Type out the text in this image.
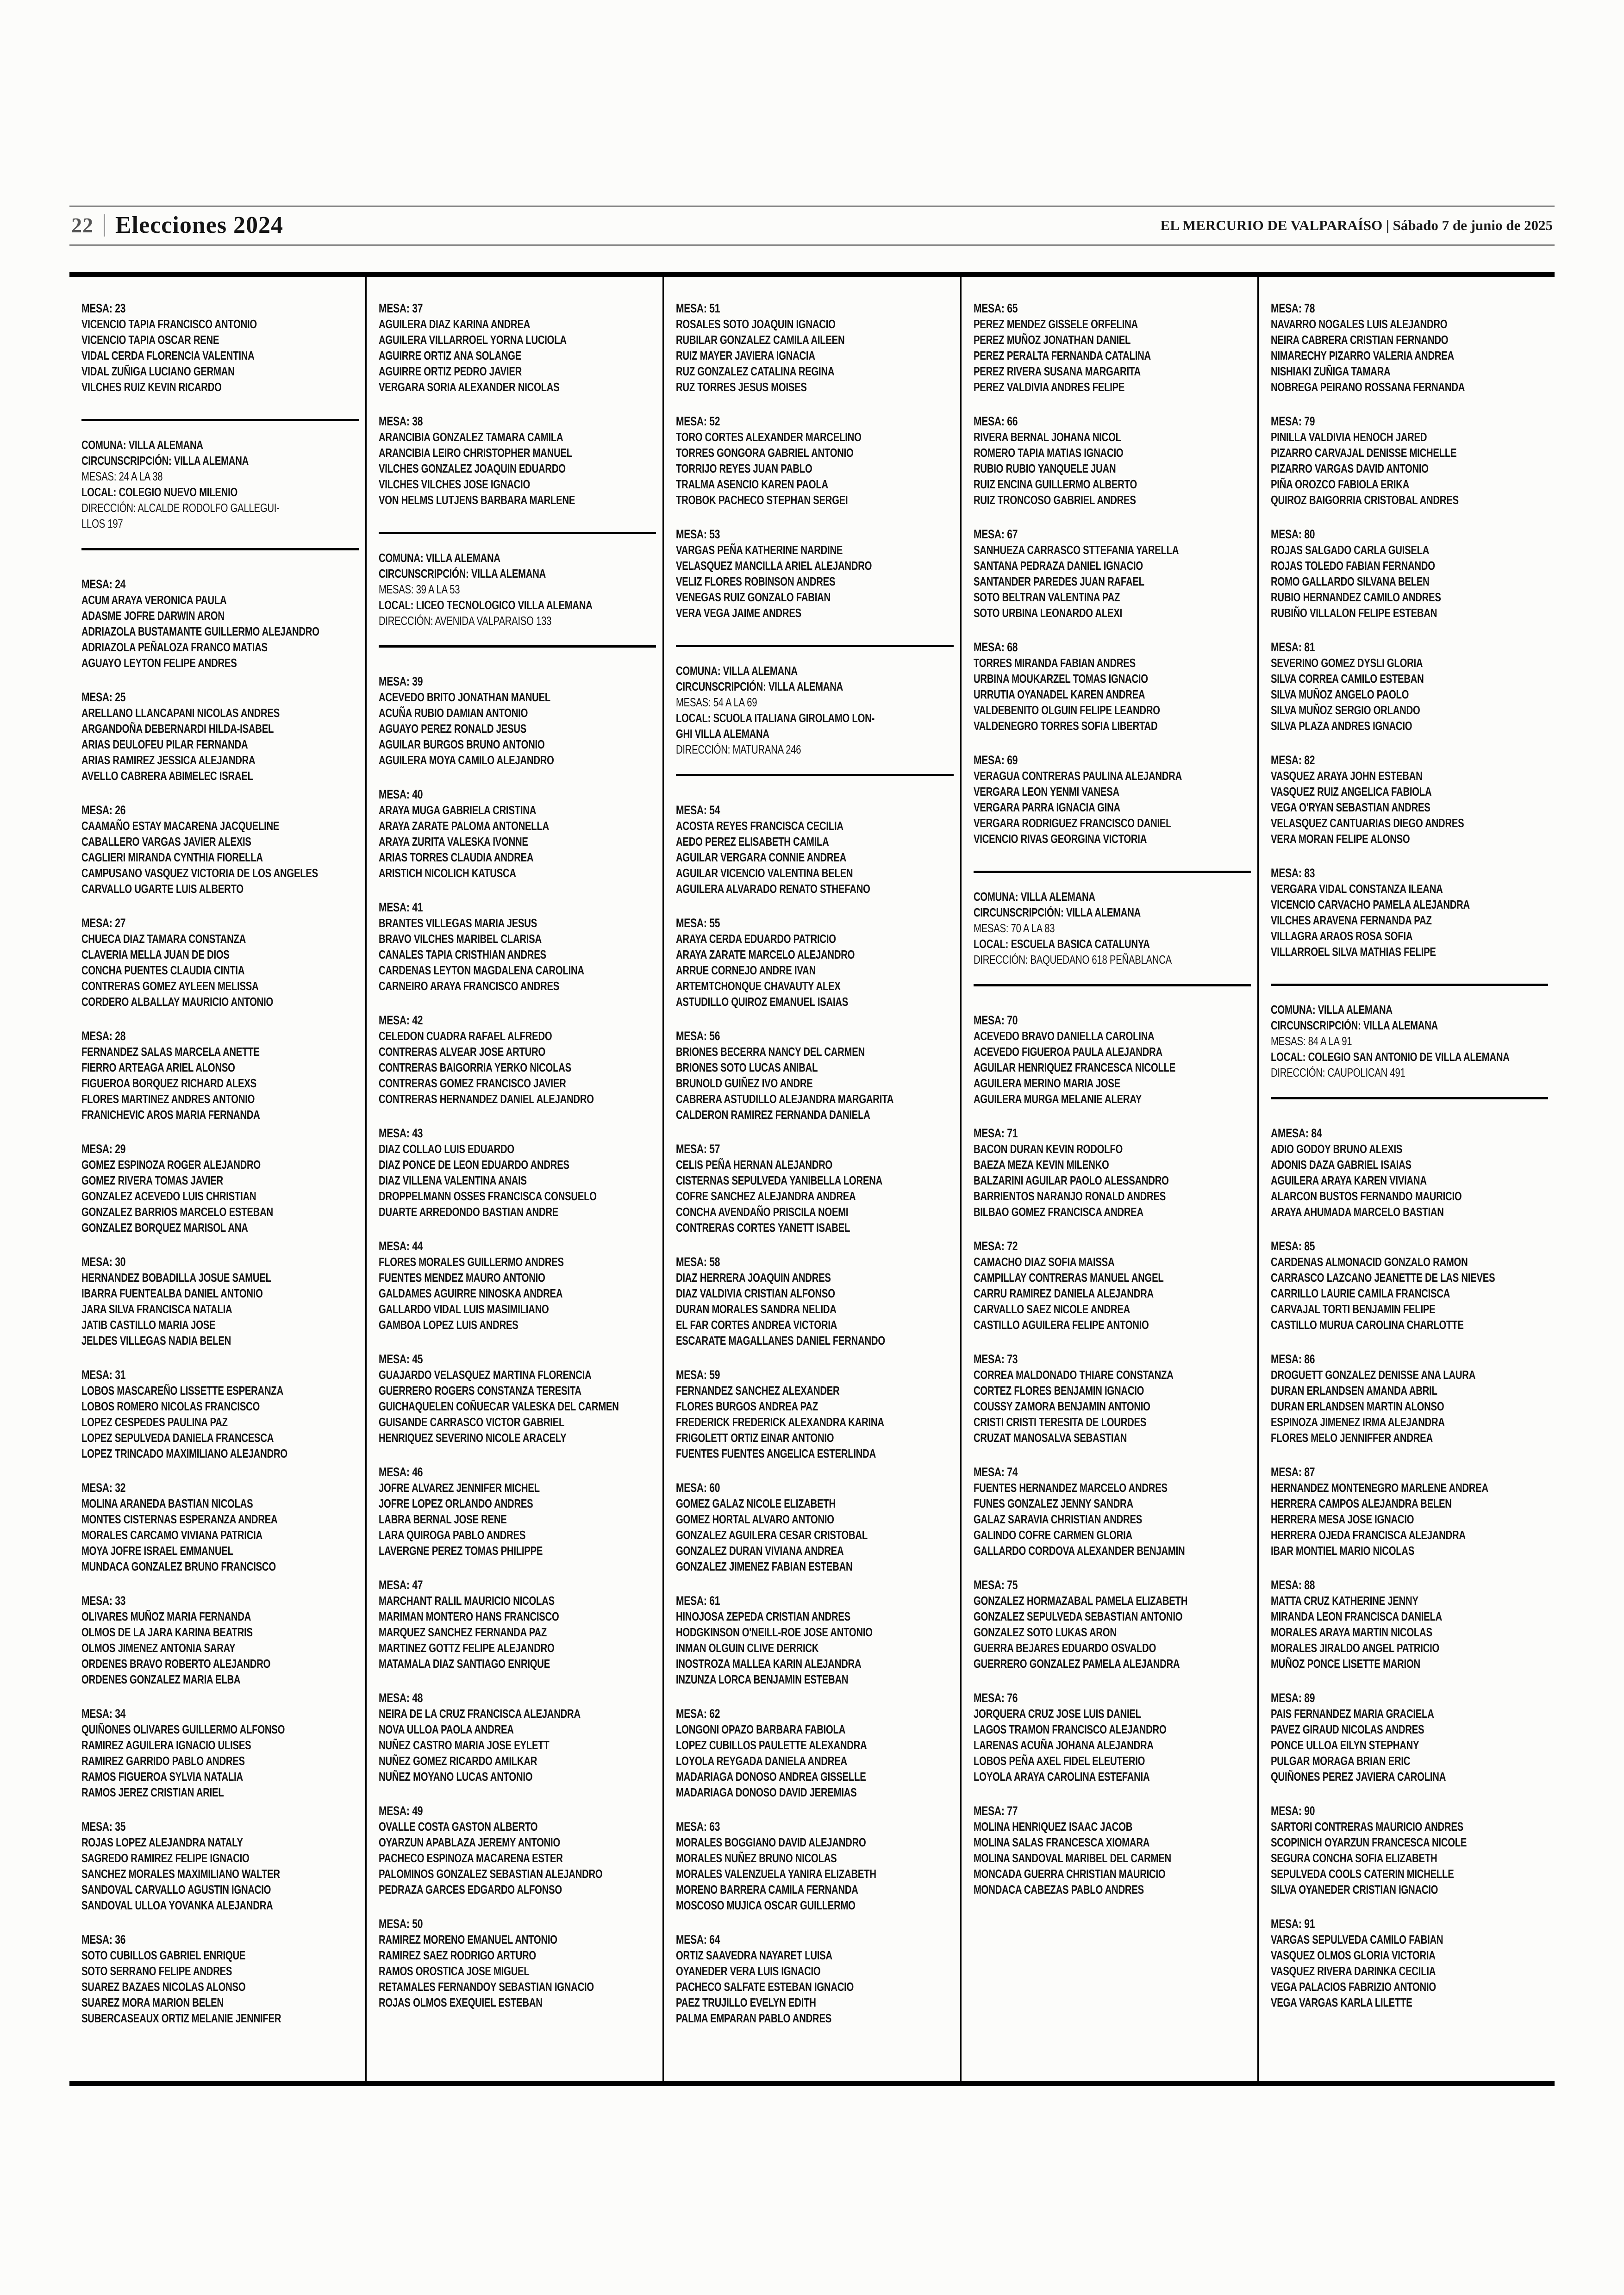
22 Elecciones 2024	EL MERCURIO DE VALPARAÍSO | Sábado 7 de junio de 2025
MESA: 23
VICENCIO TAPIA FRANCISCO ANTONIO
VICENCIO TAPIA OSCAR RENE
VIDAL CERDA FLORENCIA VALENTINA
VIDAL ZUÑIGA LUCIANO GERMAN
VILCHES RUIZ KEVIN RICARDO
COMUNA: VILLA ALEMANA
CIRCUNSCRIPCIÓN: VILLA ALEMANA
MESAS: 24 A LA 38
LOCAL: COLEGIO NUEVO MILENIO
DIRECCIÓN: ALCALDE RODOLFO GALLEGUI-
LLOS 197
MESA: 24
ACUM ARAYA VERONICA PAULA
ADASME JOFRE DARWIN ARON
ADRIAZOLA BUSTAMANTE GUILLERMO ALEJANDRO
ADRIAZOLA PEÑALOZA FRANCO MATIAS
AGUAYO LEYTON FELIPE ANDRES
MESA: 25
ARELLANO LLANCAPANI NICOLAS ANDRES
ARGANDOÑA DEBERNARDI HILDA-ISABEL
ARIAS DEULOFEU PILAR FERNANDA
ARIAS RAMIREZ JESSICA ALEJANDRA
AVELLO CABRERA ABIMELEC ISRAEL
MESA: 26
CAAMAÑO ESTAY MACARENA JACQUELINE
CABALLERO VARGAS JAVIER ALEXIS
CAGLIERI MIRANDA CYNTHIA FIORELLA
CAMPUSANO VASQUEZ VICTORIA DE LOS ANGELES
CARVALLO UGARTE LUIS ALBERTO
MESA: 27
CHUECA DIAZ TAMARA CONSTANZA
CLAVERIA MELLA JUAN DE DIOS
CONCHA PUENTES CLAUDIA CINTIA
CONTRERAS GOMEZ AYLEEN MELISSA
CORDERO ALBALLAY MAURICIO ANTONIO
MESA: 28
FERNANDEZ SALAS MARCELA ANETTE
FIERRO ARTEAGA ARIEL ALONSO
FIGUEROA BORQUEZ RICHARD ALEXS
FLORES MARTINEZ ANDRES ANTONIO
FRANICHEVIC AROS MARIA FERNANDA
MESA: 29
GOMEZ ESPINOZA ROGER ALEJANDRO
GOMEZ RIVERA TOMAS JAVIER
GONZALEZ ACEVEDO LUIS CHRISTIAN
GONZALEZ BARRIOS MARCELO ESTEBAN
GONZALEZ BORQUEZ MARISOL ANA
MESA: 30
HERNANDEZ BOBADILLA JOSUE SAMUEL
IBARRA FUENTEALBA DANIEL ANTONIO
JARA SILVA FRANCISCA NATALIA
JATIB CASTILLO MARIA JOSE
JELDES VILLEGAS NADIA BELEN
MESA: 31
LOBOS MASCAREÑO LISSETTE ESPERANZA
LOBOS ROMERO NICOLAS FRANCISCO
LOPEZ CESPEDES PAULINA PAZ
LOPEZ SEPULVEDA DANIELA FRANCESCA
LOPEZ TRINCADO MAXIMILIANO ALEJANDRO
MESA: 32
MOLINA ARANEDA BASTIAN NICOLAS
MONTES CISTERNAS ESPERANZA ANDREA
MORALES CARCAMO VIVIANA PATRICIA
MOYA JOFRE ISRAEL EMMANUEL
MUNDACA GONZALEZ BRUNO FRANCISCO
MESA: 33
OLIVARES MUÑOZ MARIA FERNANDA
OLMOS DE LA JARA KARINA BEATRIS
OLMOS JIMENEZ ANTONIA SARAY
ORDENES BRAVO ROBERTO ALEJANDRO
ORDENES GONZALEZ MARIA ELBA
MESA: 34
QUIÑONES OLIVARES GUILLERMO ALFONSO
RAMIREZ AGUILERA IGNACIO ULISES
RAMIREZ GARRIDO PABLO ANDRES
RAMOS FIGUEROA SYLVIA NATALIA
RAMOS JEREZ CRISTIAN ARIEL
MESA: 35
ROJAS LOPEZ ALEJANDRA NATALY
SAGREDO RAMIREZ FELIPE IGNACIO
SANCHEZ MORALES MAXIMILIANO WALTER
SANDOVAL CARVALLO AGUSTIN IGNACIO
SANDOVAL ULLOA YOVANKA ALEJANDRA
MESA: 36
SOTO CUBILLOS GABRIEL ENRIQUE
SOTO SERRANO FELIPE ANDRES
SUAREZ BAZAES NICOLAS ALONSO
SUAREZ MORA MARION BELEN
SUBERCASEAUX ORTIZ MELANIE JENNIFER
MESA: 37
AGUILERA DIAZ KARINA ANDREA
AGUILERA VILLARROEL YORNA LUCIOLA
AGUIRRE ORTIZ ANA SOLANGE
AGUIRRE ORTIZ PEDRO JAVIER
VERGARA SORIA ALEXANDER NICOLAS
MESA: 38
ARANCIBIA GONZALEZ TAMARA CAMILA
ARANCIBIA LEIRO CHRISTOPHER MANUEL
VILCHES GONZALEZ JOAQUIN EDUARDO
VILCHES VILCHES JOSE IGNACIO
VON HELMS LUTJENS BARBARA MARLENE
COMUNA: VILLA ALEMANA
CIRCUNSCRIPCIÓN: VILLA ALEMANA
MESAS: 39 A LA 53
LOCAL: LICEO TECNOLOGICO VILLA ALEMANA
DIRECCIÓN: AVENIDA VALPARAISO 133
MESA: 39
ACEVEDO BRITO JONATHAN MANUEL
ACUÑA RUBIO DAMIAN ANTONIO
AGUAYO PEREZ RONALD JESUS
AGUILAR BURGOS BRUNO ANTONIO
AGUILERA MOYA CAMILO ALEJANDRO
MESA: 40
ARAYA MUGA GABRIELA CRISTINA
ARAYA ZARATE PALOMA ANTONELLA
ARAYA ZURITA VALESKA IVONNE
ARIAS TORRES CLAUDIA ANDREA
ARISTICH NICOLICH KATUSCA
MESA: 41
BRANTES VILLEGAS MARIA JESUS
BRAVO VILCHES MARIBEL CLARISA
CANALES TAPIA CRISTHIAN ANDRES
CARDENAS LEYTON MAGDALENA CAROLINA
CARNEIRO ARAYA FRANCISCO ANDRES
MESA: 42
CELEDON CUADRA RAFAEL ALFREDO
CONTRERAS ALVEAR JOSE ARTURO
CONTRERAS BAIGORRIA YERKO NICOLAS
CONTRERAS GOMEZ FRANCISCO JAVIER
CONTRERAS HERNANDEZ DANIEL ALEJANDRO
MESA: 43
DIAZ COLLAO LUIS EDUARDO
DIAZ PONCE DE LEON EDUARDO ANDRES
DIAZ VILLENA VALENTINA ANAIS
DROPPELMANN OSSES FRANCISCA CONSUELO
DUARTE ARREDONDO BASTIAN ANDRE
MESA: 44
FLORES MORALES GUILLERMO ANDRES
FUENTES MENDEZ MAURO ANTONIO
GALDAMES AGUIRRE NINOSKA ANDREA
GALLARDO VIDAL LUIS MASIMILIANO
GAMBOA LOPEZ LUIS ANDRES
MESA: 45
GUAJARDO VELASQUEZ MARTINA FLORENCIA
GUERRERO ROGERS CONSTANZA TERESITA
GUICHAQUELEN COÑUECAR VALESKA DEL CARMEN
GUISANDE CARRASCO VICTOR GABRIEL
HENRIQUEZ SEVERINO NICOLE ARACELY
MESA: 46
JOFRE ALVAREZ JENNIFER MICHEL
JOFRE LOPEZ ORLANDO ANDRES
LABRA BERNAL JOSE RENE
LARA QUIROGA PABLO ANDRES
LAVERGNE PEREZ TOMAS PHILIPPE
MESA: 47
MARCHANT RALIL MAURICIO NICOLAS
MARIMAN MONTERO HANS FRANCISCO
MARQUEZ SANCHEZ FERNANDA PAZ
MARTINEZ GOTTZ FELIPE ALEJANDRO
MATAMALA DIAZ SANTIAGO ENRIQUE
MESA: 48
NEIRA DE LA CRUZ FRANCISCA ALEJANDRA
NOVA ULLOA PAOLA ANDREA
NUÑEZ CASTRO MARIA JOSE EYLETT
NUÑEZ GOMEZ RICARDO AMILKAR
NUÑEZ MOYANO LUCAS ANTONIO
MESA: 49
OVALLE COSTA GASTON ALBERTO
OYARZUN APABLAZA JEREMY ANTONIO
PACHECO ESPINOZA MACARENA ESTER
PALOMINOS GONZALEZ SEBASTIAN ALEJANDRO
PEDRAZA GARCES EDGARDO ALFONSO
MESA: 50
RAMIREZ MORENO EMANUEL ANTONIO
RAMIREZ SAEZ RODRIGO ARTURO
RAMOS OROSTICA JOSE MIGUEL
RETAMALES FERNANDOY SEBASTIAN IGNACIO
ROJAS OLMOS EXEQUIEL ESTEBAN
MESA: 51
ROSALES SOTO JOAQUIN IGNACIO
RUBILAR GONZALEZ CAMILA AILEEN
RUIZ MAYER JAVIERA IGNACIA
RUZ GONZALEZ CATALINA REGINA
RUZ TORRES JESUS MOISES
MESA: 52
TORO CORTES ALEXANDER MARCELINO
TORRES GONGORA GABRIEL ANTONIO
TORRIJO REYES JUAN PABLO
TRALMA ASENCIO KAREN PAOLA
TROBOK PACHECO STEPHAN SERGEI
MESA: 53
VARGAS PEÑA KATHERINE NARDINE
VELASQUEZ MANCILLA ARIEL ALEJANDRO
VELIZ FLORES ROBINSON ANDRES
VENEGAS RUIZ GONZALO FABIAN
VERA VEGA JAIME ANDRES
COMUNA: VILLA ALEMANA
CIRCUNSCRIPCIÓN: VILLA ALEMANA
MESAS: 54 A LA 69
LOCAL: SCUOLA ITALIANA GIROLAMO LON-
GHI VILLA ALEMANA
DIRECCIÓN: MATURANA 246
MESA: 54
ACOSTA REYES FRANCISCA CECILIA
AEDO PEREZ ELISABETH CAMILA
AGUILAR VERGARA CONNIE ANDREA
AGUILAR VICENCIO VALENTINA BELEN
AGUILERA ALVARADO RENATO STHEFANO
MESA: 55
ARAYA CERDA EDUARDO PATRICIO
ARAYA ZARATE MARCELO ALEJANDRO
ARRUE CORNEJO ANDRE IVAN
ARTEMTCHONQUE CHAVAUTY ALEX
ASTUDILLO QUIROZ EMANUEL ISAIAS
MESA: 56
BRIONES BECERRA NANCY DEL CARMEN
BRIONES SOTO LUCAS ANIBAL
BRUNOLD GUIÑEZ IVO ANDRE
CABRERA ASTUDILLO ALEJANDRA MARGARITA
CALDERON RAMIREZ FERNANDA DANIELA
MESA: 57
CELIS PEÑA HERNAN ALEJANDRO
CISTERNAS SEPULVEDA YANIBELLA LORENA
COFRE SANCHEZ ALEJANDRA ANDREA
CONCHA AVENDAÑO PRISCILA NOEMI
CONTRERAS CORTES YANETT ISABEL
MESA: 58
DIAZ HERRERA JOAQUIN ANDRES
DIAZ VALDIVIA CRISTIAN ALFONSO
DURAN MORALES SANDRA NELIDA
EL FAR CORTES ANDREA VICTORIA
ESCARATE MAGALLANES DANIEL FERNANDO
MESA: 59
FERNANDEZ SANCHEZ ALEXANDER
FLORES BURGOS ANDREA PAZ
FREDERICK FREDERICK ALEXANDRA KARINA
FRIGOLETT ORTIZ EINAR ANTONIO
FUENTES FUENTES ANGELICA ESTERLINDA
MESA: 60
GOMEZ GALAZ NICOLE ELIZABETH
GOMEZ HORTAL ALVARO ANTONIO
GONZALEZ AGUILERA CESAR CRISTOBAL
GONZALEZ DURAN VIVIANA ANDREA
GONZALEZ JIMENEZ FABIAN ESTEBAN
MESA: 61
HINOJOSA ZEPEDA CRISTIAN ANDRES
HODGKINSON O'NEILL-ROE JOSE ANTONIO
INMAN OLGUIN CLIVE DERRICK
INOSTROZA MALLEA KARIN ALEJANDRA
INZUNZA LORCA BENJAMIN ESTEBAN
MESA: 62
LONGONI OPAZO BARBARA FABIOLA
LOPEZ CUBILLOS PAULETTE ALEXANDRA
LOYOLA REYGADA DANIELA ANDREA
MADARIAGA DONOSO ANDREA GISSELLE
MADARIAGA DONOSO DAVID JEREMIAS
MESA: 63
MORALES BOGGIANO DAVID ALEJANDRO
MORALES NUÑEZ BRUNO NICOLAS
MORALES VALENZUELA YANIRA ELIZABETH
MORENO BARRERA CAMILA FERNANDA
MOSCOSO MUJICA OSCAR GUILLERMO
MESA: 64
ORTIZ SAAVEDRA NAYARET LUISA
OYANEDER VERA LUIS IGNACIO
PACHECO SALFATE ESTEBAN IGNACIO
PAEZ TRUJILLO EVELYN EDITH
PALMA EMPARAN PABLO ANDRES
MESA: 65
PEREZ MENDEZ GISSELE ORFELINA
PEREZ MUÑOZ JONATHAN DANIEL
PEREZ PERALTA FERNANDA CATALINA
PEREZ RIVERA SUSANA MARGARITA
PEREZ VALDIVIA ANDRES FELIPE
MESA: 66
RIVERA BERNAL JOHANA NICOL
ROMERO TAPIA MATIAS IGNACIO
RUBIO RUBIO YANQUELE JUAN
RUIZ ENCINA GUILLERMO ALBERTO
RUIZ TRONCOSO GABRIEL ANDRES
MESA: 67
SANHUEZA CARRASCO STTEFANIA YARELLA
SANTANA PEDRAZA DANIEL IGNACIO
SANTANDER PAREDES JUAN RAFAEL
SOTO BELTRAN VALENTINA PAZ
SOTO URBINA LEONARDO ALEXI
MESA: 68
TORRES MIRANDA FABIAN ANDRES
URBINA MOUKARZEL TOMAS IGNACIO
URRUTIA OYANADEL KAREN ANDREA
VALDEBENITO OLGUIN FELIPE LEANDRO
VALDENEGRO TORRES SOFIA LIBERTAD
MESA: 69
VERAGUA CONTRERAS PAULINA ALEJANDRA
VERGARA LEON YENMI VANESA
VERGARA PARRA IGNACIA GINA
VERGARA RODRIGUEZ FRANCISCO DANIEL
VICENCIO RIVAS GEORGINA VICTORIA
COMUNA: VILLA ALEMANA
CIRCUNSCRIPCIÓN: VILLA ALEMANA
MESAS: 70 A LA 83
LOCAL: ESCUELA BASICA CATALUNYA
DIRECCIÓN: BAQUEDANO 618 PEÑABLANCA
MESA: 70
ACEVEDO BRAVO DANIELLA CAROLINA
ACEVEDO FIGUEROA PAULA ALEJANDRA
AGUILAR HENRIQUEZ FRANCESCA NICOLLE
AGUILERA MERINO MARIA JOSE
AGUILERA MURGA MELANIE ALERAY
MESA: 71
BACON DURAN KEVIN RODOLFO
BAEZA MEZA KEVIN MILENKO
BALZARINI AGUILAR PAOLO ALESSANDRO
BARRIENTOS NARANJO RONALD ANDRES
BILBAO GOMEZ FRANCISCA ANDREA
MESA: 72
CAMACHO DIAZ SOFIA MAISSA
CAMPILLAY CONTRERAS MANUEL ANGEL
CARRU RAMIREZ DANIELA ALEJANDRA
CARVALLO SAEZ NICOLE ANDREA
CASTILLO AGUILERA FELIPE ANTONIO
MESA: 73
CORREA MALDONADO THIARE CONSTANZA
CORTEZ FLORES BENJAMIN IGNACIO
COUSSY ZAMORA BENJAMIN ANTONIO
CRISTI CRISTI TERESITA DE LOURDES
CRUZAT MANOSALVA SEBASTIAN
MESA: 74
FUENTES HERNANDEZ MARCELO ANDRES
FUNES GONZALEZ JENNY SANDRA
GALAZ SARAVIA CHRISTIAN ANDRES
GALINDO COFRE CARMEN GLORIA
GALLARDO CORDOVA ALEXANDER BENJAMIN
MESA: 75
GONZALEZ HORMAZABAL PAMELA ELIZABETH
GONZALEZ SEPULVEDA SEBASTIAN ANTONIO
GONZALEZ SOTO LUKAS ARON
GUERRA BEJARES EDUARDO OSVALDO
GUERRERO GONZALEZ PAMELA ALEJANDRA
MESA: 76
JORQUERA CRUZ JOSE LUIS DANIEL
LAGOS TRAMON FRANCISCO ALEJANDRO
LARENAS ACUÑA JOHANA ALEJANDRA
LOBOS PEÑA AXEL FIDEL ELEUTERIO
LOYOLA ARAYA CAROLINA ESTEFANIA
MESA: 77
MOLINA HENRIQUEZ ISAAC JACOB
MOLINA SALAS FRANCESCA XIOMARA
MOLINA SANDOVAL MARIBEL DEL CARMEN
MONCADA GUERRA CHRISTIAN MAURICIO
MONDACA CABEZAS PABLO ANDRES
MESA: 78
NAVARRO NOGALES LUIS ALEJANDRO
NEIRA CABRERA CRISTIAN FERNANDO
NIMARECHY PIZARRO VALERIA ANDREA
NISHIAKI ZUÑIGA TAMARA
NOBREGA PEIRANO ROSSANA FERNANDA
MESA: 79
PINILLA VALDIVIA HENOCH JARED
PIZARRO CARVAJAL DENISSE MICHELLE
PIZARRO VARGAS DAVID ANTONIO
PIÑA OROZCO FABIOLA ERIKA
QUIROZ BAIGORRIA CRISTOBAL ANDRES
MESA: 80
ROJAS SALGADO CARLA GUISELA
ROJAS TOLEDO FABIAN FERNANDO
ROMO GALLARDO SILVANA BELEN
RUBIO HERNANDEZ CAMILO ANDRES
RUBIÑO VILLALON FELIPE ESTEBAN
MESA: 81
SEVERINO GOMEZ DYSLI GLORIA
SILVA CORREA CAMILO ESTEBAN
SILVA MUÑOZ ANGELO PAOLO
SILVA MUÑOZ SERGIO ORLANDO
SILVA PLAZA ANDRES IGNACIO
MESA: 82
VASQUEZ ARAYA JOHN ESTEBAN
VASQUEZ RUIZ ANGELICA FABIOLA
VEGA O'RYAN SEBASTIAN ANDRES
VELASQUEZ CANTUARIAS DIEGO ANDRES
VERA MORAN FELIPE ALONSO
MESA: 83
VERGARA VIDAL CONSTANZA ILEANA
VICENCIO CARVACHO PAMELA ALEJANDRA
VILCHES ARAVENA FERNANDA PAZ
VILLAGRA ARAOS ROSA SOFIA
VILLARROEL SILVA MATHIAS FELIPE
COMUNA: VILLA ALEMANA
CIRCUNSCRIPCIÓN: VILLA ALEMANA
MESAS: 84 A LA 91
LOCAL: COLEGIO SAN ANTONIO DE VILLA ALEMANA
DIRECCIÓN: CAUPOLICAN 491
AMESA: 84
ADIO GODOY BRUNO ALEXIS
ADONIS DAZA GABRIEL ISAIAS
AGUILERA ARAYA KAREN VIVIANA
ALARCON BUSTOS FERNANDO MAURICIO
ARAYA AHUMADA MARCELO BASTIAN
MESA: 85
CARDENAS ALMONACID GONZALO RAMON
CARRASCO LAZCANO JEANETTE DE LAS NIEVES
CARRILLO LAURIE CAMILA FRANCISCA
CARVAJAL TORTI BENJAMIN FELIPE
CASTILLO MURUA CAROLINA CHARLOTTE
MESA: 86
DROGUETT GONZALEZ DENISSE ANA LAURA
DURAN ERLANDSEN AMANDA ABRIL
DURAN ERLANDSEN MARTIN ALONSO
ESPINOZA JIMENEZ IRMA ALEJANDRA
FLORES MELO JENNIFFER ANDREA
MESA: 87
HERNANDEZ MONTENEGRO MARLENE ANDREA
HERRERA CAMPOS ALEJANDRA BELEN
HERRERA MESA JOSE IGNACIO
HERRERA OJEDA FRANCISCA ALEJANDRA
IBAR MONTIEL MARIO NICOLAS
MESA: 88
MATTA CRUZ KATHERINE JENNY
MIRANDA LEON FRANCISCA DANIELA
MORALES ARAYA MARTIN NICOLAS
MORALES JIRALDO ANGEL PATRICIO
MUÑOZ PONCE LISETTE MARION
MESA: 89
PAIS FERNANDEZ MARIA GRACIELA
PAVEZ GIRAUD NICOLAS ANDRES
PONCE ULLOA EILYN STEPHANY
PULGAR MORAGA BRIAN ERIC
QUIÑONES PEREZ JAVIERA CAROLINA
MESA: 90
SARTORI CONTRERAS MAURICIO ANDRES
SCOPINICH OYARZUN FRANCESCA NICOLE
SEGURA CONCHA SOFIA ELIZABETH
SEPULVEDA COOLS CATERIN MICHELLE
SILVA OYANEDER CRISTIAN IGNACIO
MESA: 91
VARGAS SEPULVEDA CAMILO FABIAN
VASQUEZ OLMOS GLORIA VICTORIA
VASQUEZ RIVERA DARINKA CECILIA
VEGA PALACIOS FABRIZIO ANTONIO
VEGA VARGAS KARLA LILETTE
